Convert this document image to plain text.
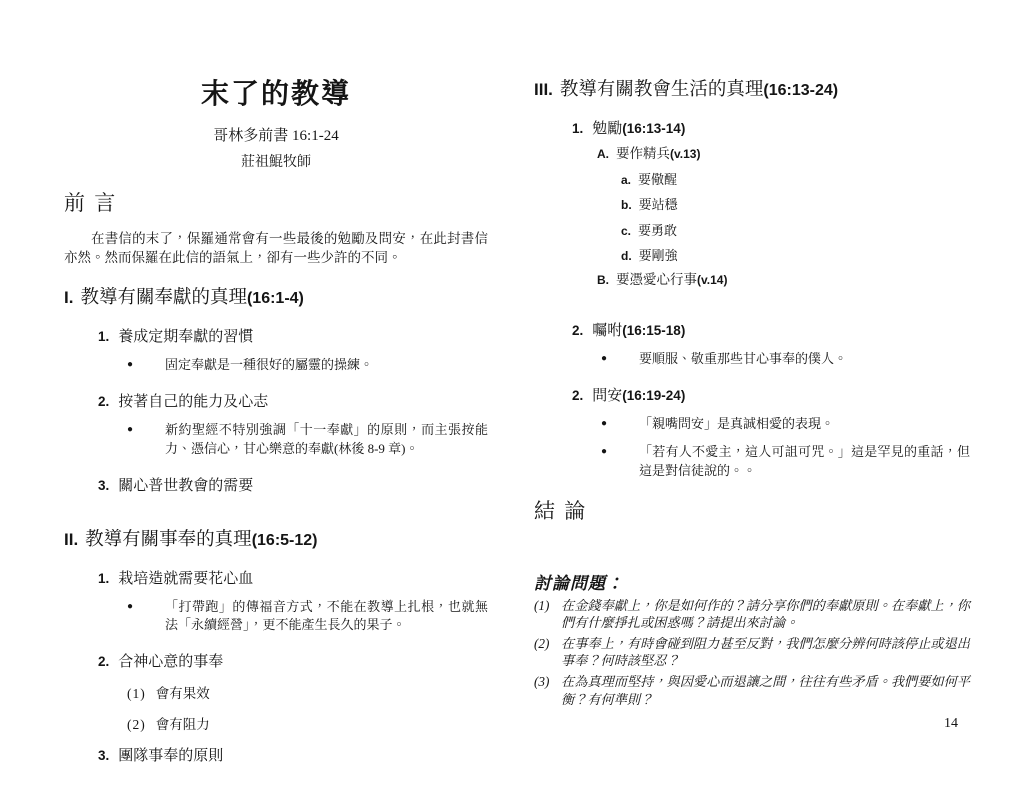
末了的教導
哥林多前書 16:1-24
莊祖鯤牧師
前 言

在書信的末了，保羅通常會有一些最後的勉勵及問安，在此封書信亦然。然而保羅在此信的語氣上，卻有一些少許的不同。

I. 教導有關奉獻的真理(16:1-4)
1. 養成定期奉獻的習慣
●	固定奉獻是一種很好的屬靈的操練。
2. 按著自己的能力及心志
●	新約聖經不特別強調「十一奉獻」的原則，而主張按能力、憑信心，甘心樂意的奉獻(林後 8-9 章)。
3. 關心普世教會的需要
II. 教導有關事奉的真理(16:5-12)
1. 栽培造就需要花心血
●	「打帶跑」的傳福音方式，不能在教導上扎根，也就無法「永續經營」，更不能產生長久的果子。
2. 合神心意的事奉
(1) 會有果效
(2) 會有阻力
3. 團隊事奉的原則
III. 教導有關教會生活的真理(16:13-24)
1. 勉勵(16:13-14)
A. 要作精兵(v.13)
a. 要儆醒
b. 要站穩
c. 要勇敢
d. 要剛強
B. 要憑愛心行事(v.14)
2. 囑咐(16:15-18)
●	要順服、敬重那些甘心事奉的僕人。
2. 問安(16:19-24)
●	「親嘴問安」是真誠相愛的表現。
●	「若有人不愛主，這人可詛可咒。」這是罕見的重話，但這是對信徒說的。。
結 論
討論問題：
(1) 在金錢奉獻上，你是如何作的？請分享你們的奉獻原則。在奉獻上，你們有什麼掙扎或困惑嗎？請提出來討論。
(2) 在事奉上，有時會碰到阻力甚至反對，我們怎麼分辨何時該停止或退出事奉？何時該堅忍？
(3) 在為真理而堅持，與因愛心而退讓之間，往往有些矛盾。我們要如何平衡？有何準則？
14
